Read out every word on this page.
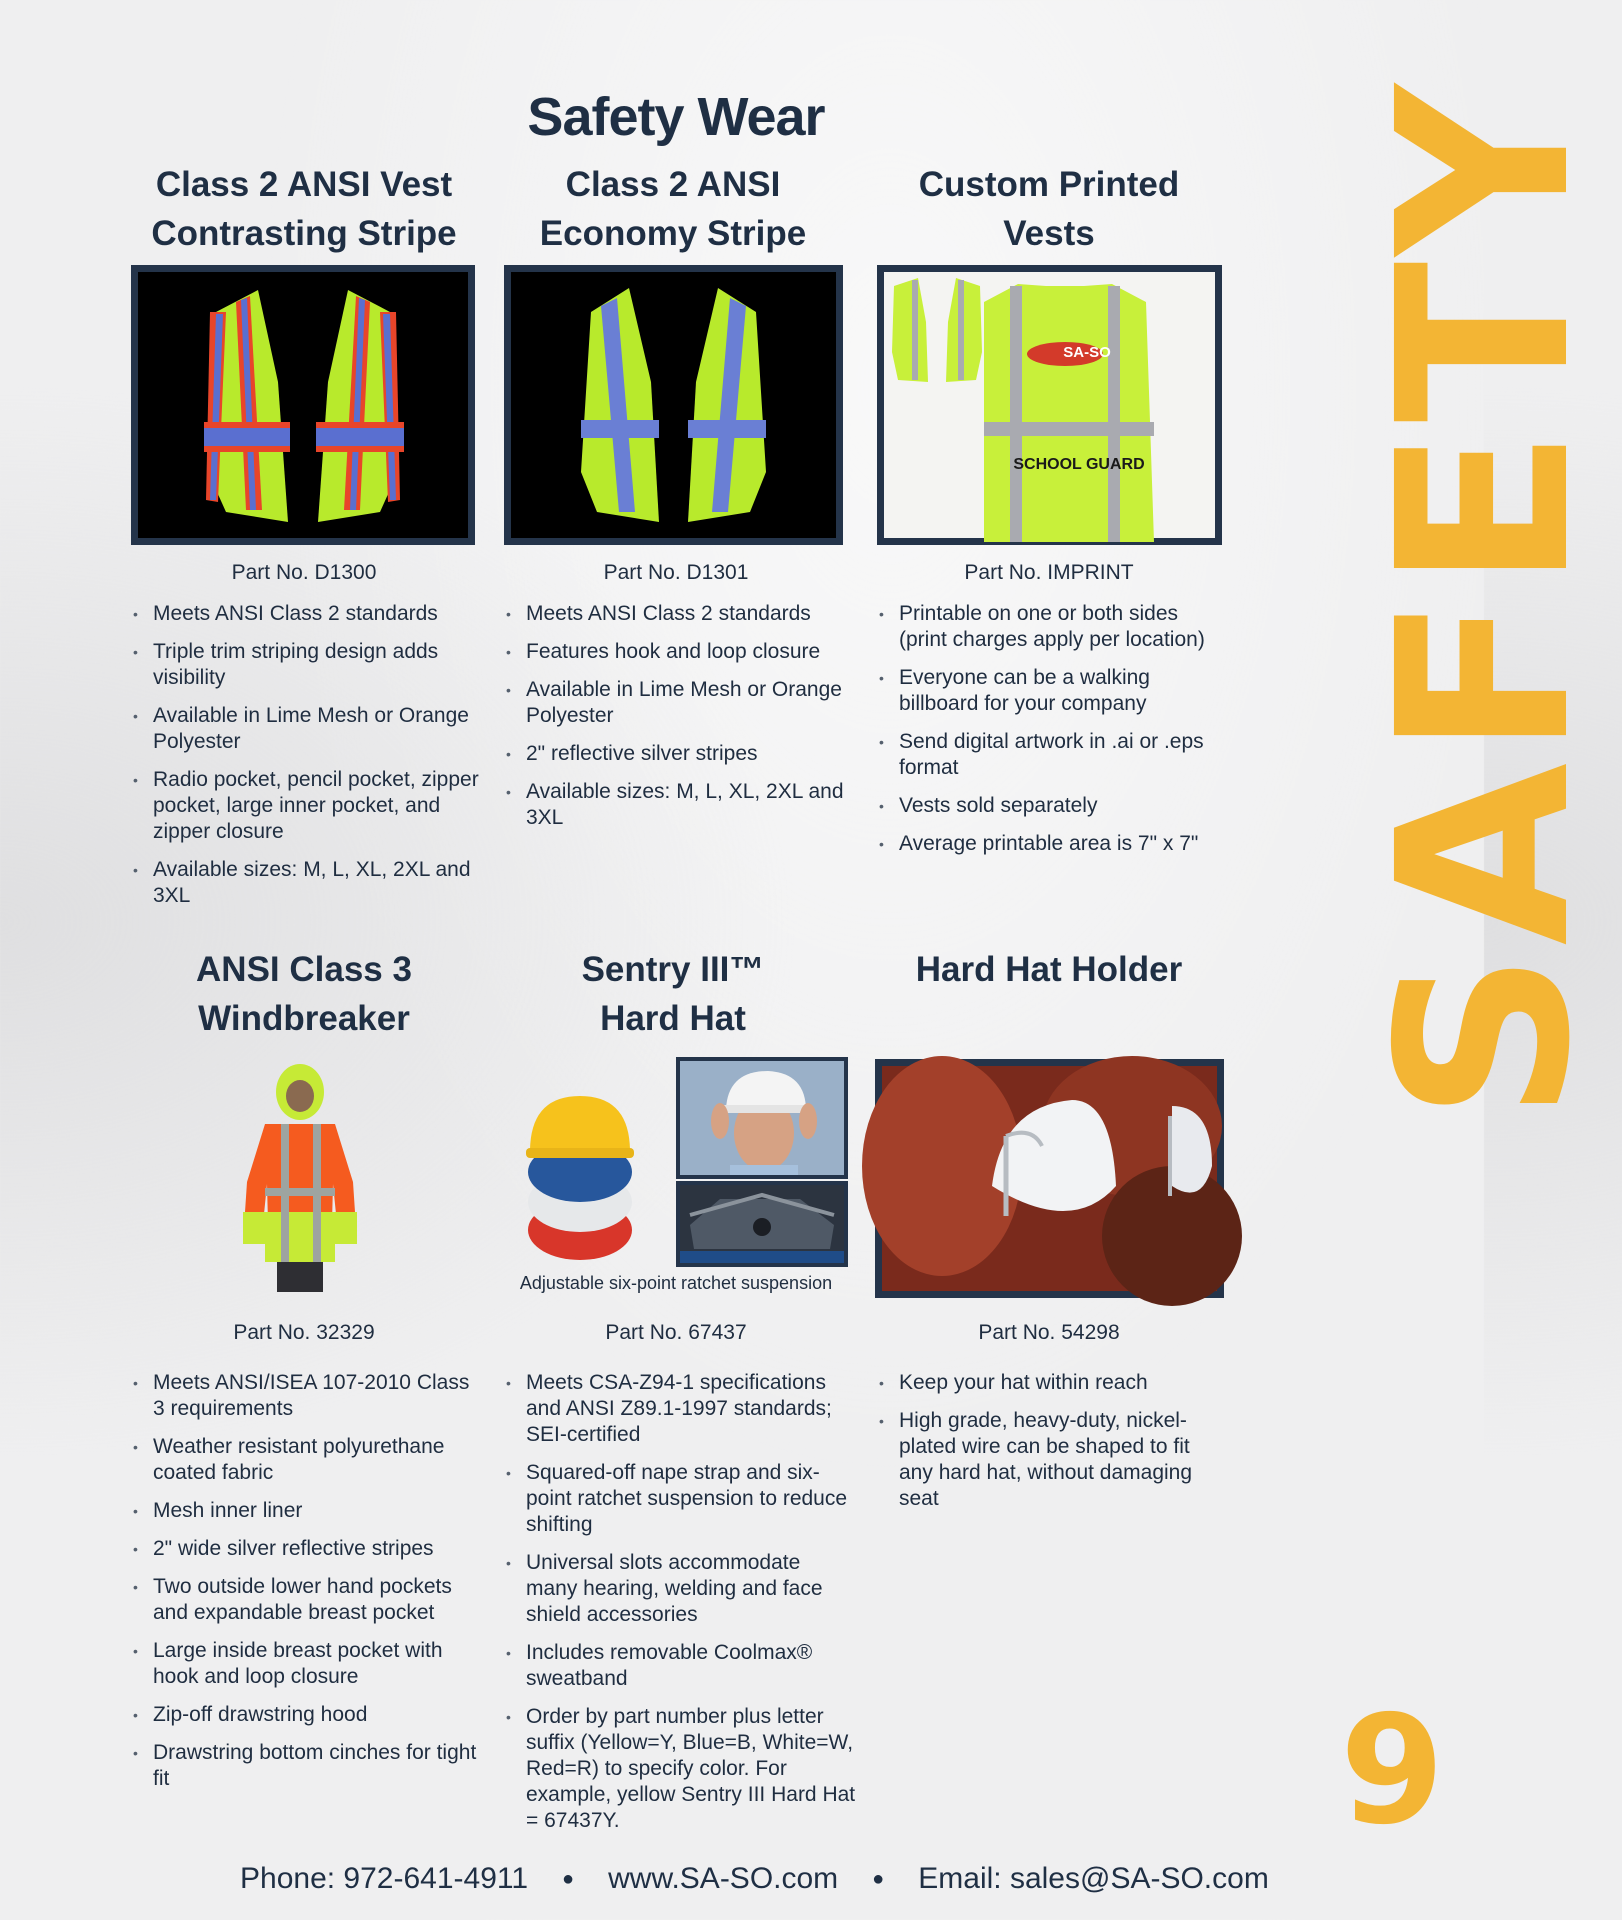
Safety Wear	SAFETY
9
Class 2 ANSI Vest
Contrasting Stripe
Part No. D1300
• Meets ANSI Class 2 standards
• Triple trim striping design adds visibility
• Available in Lime Mesh or Orange Polyester
• Radio pocket, pencil pocket, zipper pocket, large inner pocket, and zipper closure
• Available sizes: M, L, XL, 2XL and 3XL
Class 2 ANSI
Economy Stripe
Part No. D1301
• Meets ANSI Class 2 standards
• Features hook and loop closure
• Available in Lime Mesh or Orange Polyester
• 2" reflective silver stripes
• Available sizes: M, L, XL, 2XL and 3XL
Custom Printed
Vests
SA-SO
SCHOOL GUARD
Part No. IMPRINT
• Printable on one or both sides (print charges apply per location)
• Everyone can be a walking billboard for your company
• Send digital artwork in .ai or .eps format
• Vests sold separately
• Average printable area is 7" x 7"
ANSI Class 3
Windbreaker
Part No. 32329
• Meets ANSI/ISEA 107-2010 Class 3 requirements
• Weather resistant polyurethane coated fabric
• Mesh inner liner
• 2" wide silver reflective stripes
• Two outside lower hand pockets and expandable breast pocket
• Large inside breast pocket with hook and loop closure
• Zip-off drawstring hood
• Drawstring bottom cinches for tight fit
Sentry III™
Hard Hat
Adjustable six-point ratchet suspension
Part No. 67437
• Meets CSA-Z94-1 specifications and ANSI Z89.1-1997 standards; SEI-certified
• Squared-off nape strap and six-point ratchet suspension to reduce shifting
• Universal slots accommodate many hearing, welding and face shield accessories
• Includes removable Coolmax® sweatband
• Order by part number plus letter suffix (Yellow=Y, Blue=B, White=W, Red=R) to specify color. For example, yellow Sentry III Hard Hat = 67437Y.
Hard Hat Holder
Part No. 54298
• Keep your hat within reach
• High grade, heavy-duty, nickel-plated wire can be shaped to fit any hard hat, without damaging seat
Phone: 972-641-4911 ● www.SA-SO.com ● Email: sales@SA-SO.com
